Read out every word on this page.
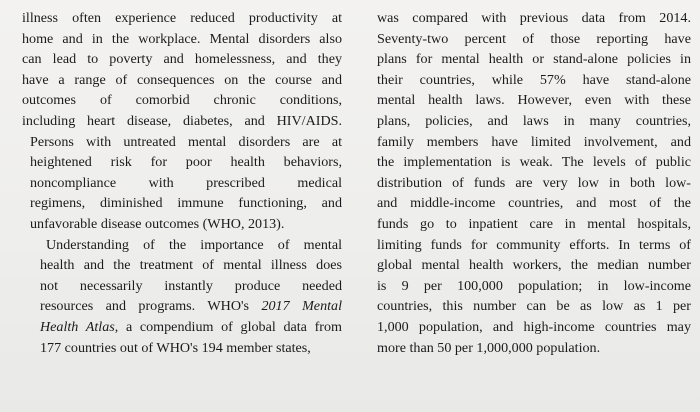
illness often experience reduced productivity at
home and in the workplace. Mental disorders also
can lead to poverty and homelessness, and they
have a range of consequences on the course and
outcomes of comorbid chronic conditions,
including heart disease, diabetes, and HIV/AIDS.
Persons with untreated mental disorders are at
heightened risk for poor health behaviors,
noncompliance with prescribed medical
regimens, diminished immune functioning, and
unfavorable disease outcomes (WHO, 2013).
Understanding of the importance of mental
health and the treatment of mental illness does
not necessarily instantly produce needed
resources and programs. WHO's 2017 Mental
Health Atlas, a compendium of global data from
177 countries out of WHO's 194 member states,
was compared with previous data from 2014.
Seventy-two percent of those reporting have
plans for mental health or stand-alone policies in
their countries, while 57% have stand-alone
mental health laws. However, even with these
plans, policies, and laws in many countries,
family members have limited involvement, and
the implementation is weak. The levels of public
distribution of funds are very low in both low-
and middle-income countries, and most of the
funds go to inpatient care in mental hospitals,
limiting funds for community efforts. In terms of
global mental health workers, the median number
is 9 per 100,000 population; in low-income
countries, this number can be as low as 1 per
1,000 population, and high-income countries may
more than 50 per 1,000,000 population.
